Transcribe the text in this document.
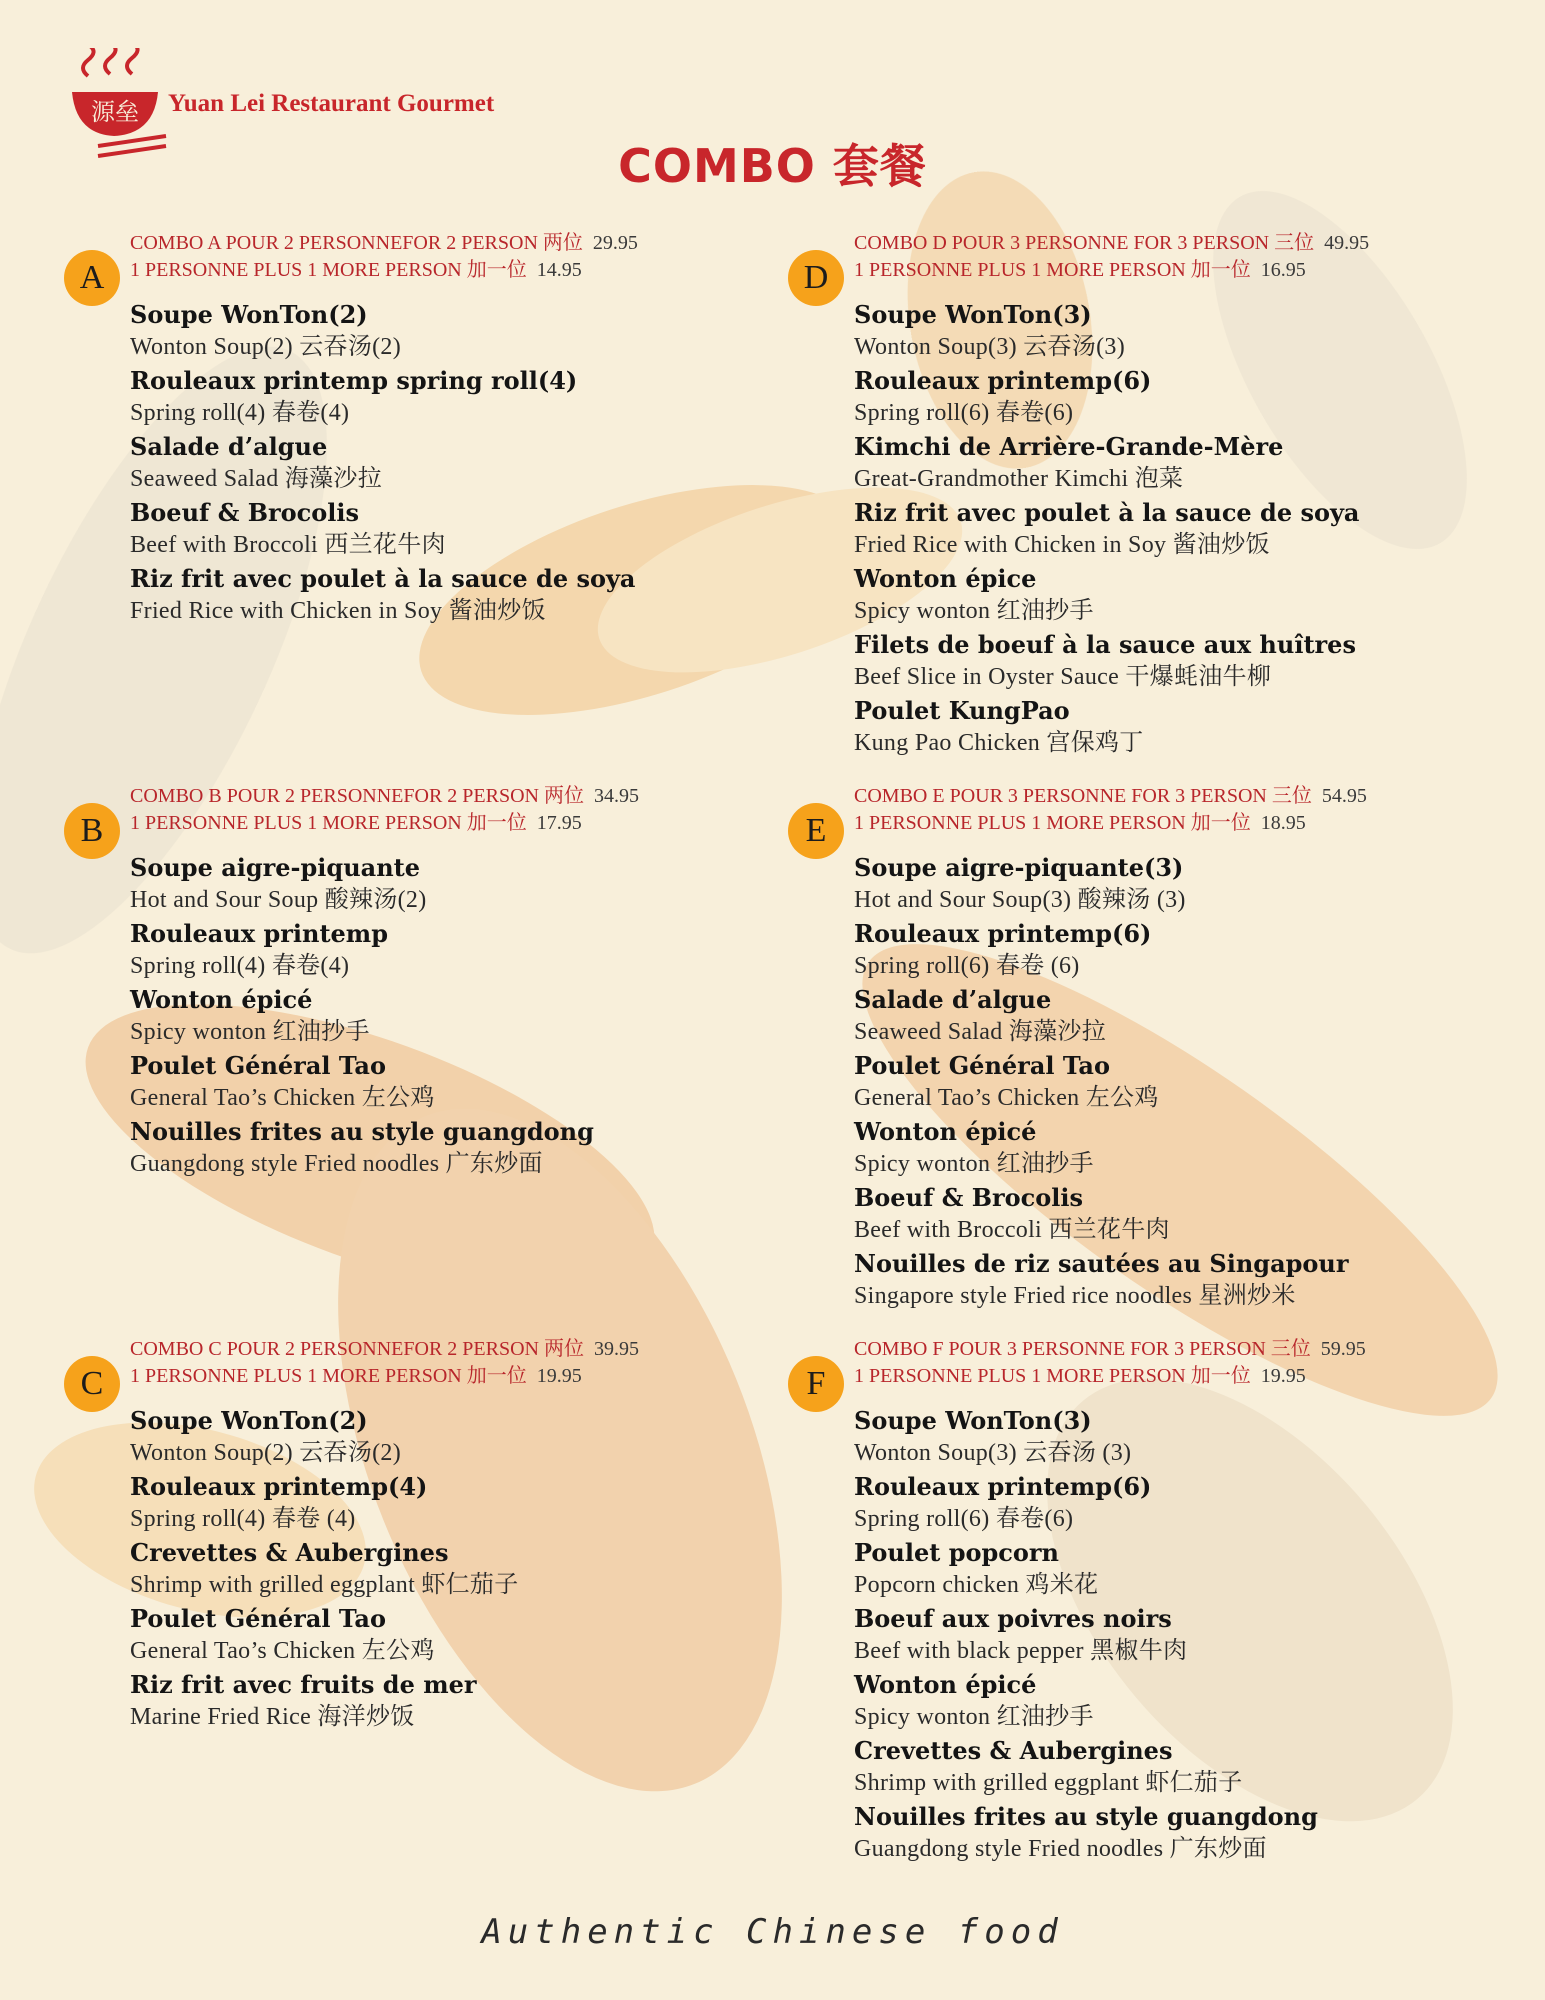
源垒 Yuan Lei Restaurant Gourmet
COMBO 套餐
A
COMBO A POUR 2 PERSONNEFOR 2 PERSON 两位 29.95
1 PERSONNE PLUS 1 MORE PERSON 加一位 14.95
Soupe WonTon(2)
Wonton Soup(2) 云吞汤(2)
Rouleaux printemp spring roll(4)
Spring roll(4) 春卷(4)
Salade d’algue
Seaweed Salad 海藻沙拉
Boeuf & Brocolis
Beef with Broccoli 西兰花牛肉
Riz frit avec poulet à la sauce de soya
Fried Rice with Chicken in Soy 酱油炒饭
B
COMBO B POUR 2 PERSONNEFOR 2 PERSON 两位 34.95
1 PERSONNE PLUS 1 MORE PERSON 加一位 17.95
Soupe aigre-piquante
Hot and Sour Soup 酸辣汤(2)
Rouleaux printemp
Spring roll(4) 春卷(4)
Wonton épicé
Spicy wonton 红油抄手
Poulet Général Tao
General Tao’s Chicken 左公鸡
Nouilles frites au style guangdong
Guangdong style Fried noodles 广东炒面
C
COMBO C POUR 2 PERSONNEFOR 2 PERSON 两位 39.95
1 PERSONNE PLUS 1 MORE PERSON 加一位 19.95
Soupe WonTon(2)
Wonton Soup(2) 云吞汤(2)
Rouleaux printemp(4)
Spring roll(4) 春卷 (4)
Crevettes & Aubergines
Shrimp with grilled eggplant 虾仁茄子
Poulet Général Tao
General Tao’s Chicken 左公鸡
Riz frit avec fruits de mer
Marine Fried Rice 海洋炒饭
D
COMBO D POUR 3 PERSONNE FOR 3 PERSON 三位 49.95
1 PERSONNE PLUS 1 MORE PERSON 加一位 16.95
Soupe WonTon(3)
Wonton Soup(3) 云吞汤(3)
Rouleaux printemp(6)
Spring roll(6) 春卷(6)
Kimchi de Arrière-Grande-Mère
Great-Grandmother Kimchi 泡菜
Riz frit avec poulet à la sauce de soya
Fried Rice with Chicken in Soy 酱油炒饭
Wonton épice
Spicy wonton 红油抄手
Filets de boeuf à la sauce aux huîtres
Beef Slice in Oyster Sauce 干爆蚝油牛柳
Poulet KungPao
Kung Pao Chicken 宫保鸡丁
E
COMBO E POUR 3 PERSONNE FOR 3 PERSON 三位 54.95
1 PERSONNE PLUS 1 MORE PERSON 加一位 18.95
Soupe aigre-piquante(3)
Hot and Sour Soup(3) 酸辣汤 (3)
Rouleaux printemp(6)
Spring roll(6) 春卷 (6)
Salade d’algue
Seaweed Salad 海藻沙拉
Poulet Général Tao
General Tao’s Chicken 左公鸡
Wonton épicé
Spicy wonton 红油抄手
Boeuf & Brocolis
Beef with Broccoli 西兰花牛肉
Nouilles de riz sautées au Singapour
Singapore style Fried rice noodles 星洲炒米
F
COMBO F POUR 3 PERSONNE FOR 3 PERSON 三位 59.95
1 PERSONNE PLUS 1 MORE PERSON 加一位 19.95
Soupe WonTon(3)
Wonton Soup(3) 云吞汤 (3)
Rouleaux printemp(6)
Spring roll(6) 春卷(6)
Poulet popcorn
Popcorn chicken 鸡米花
Boeuf aux poivres noirs
Beef with black pepper 黑椒牛肉
Wonton épicé
Spicy wonton 红油抄手
Crevettes & Aubergines
Shrimp with grilled eggplant 虾仁茄子
Nouilles frites au style guangdong
Guangdong style Fried noodles 广东炒面
Authentic Chinese food
